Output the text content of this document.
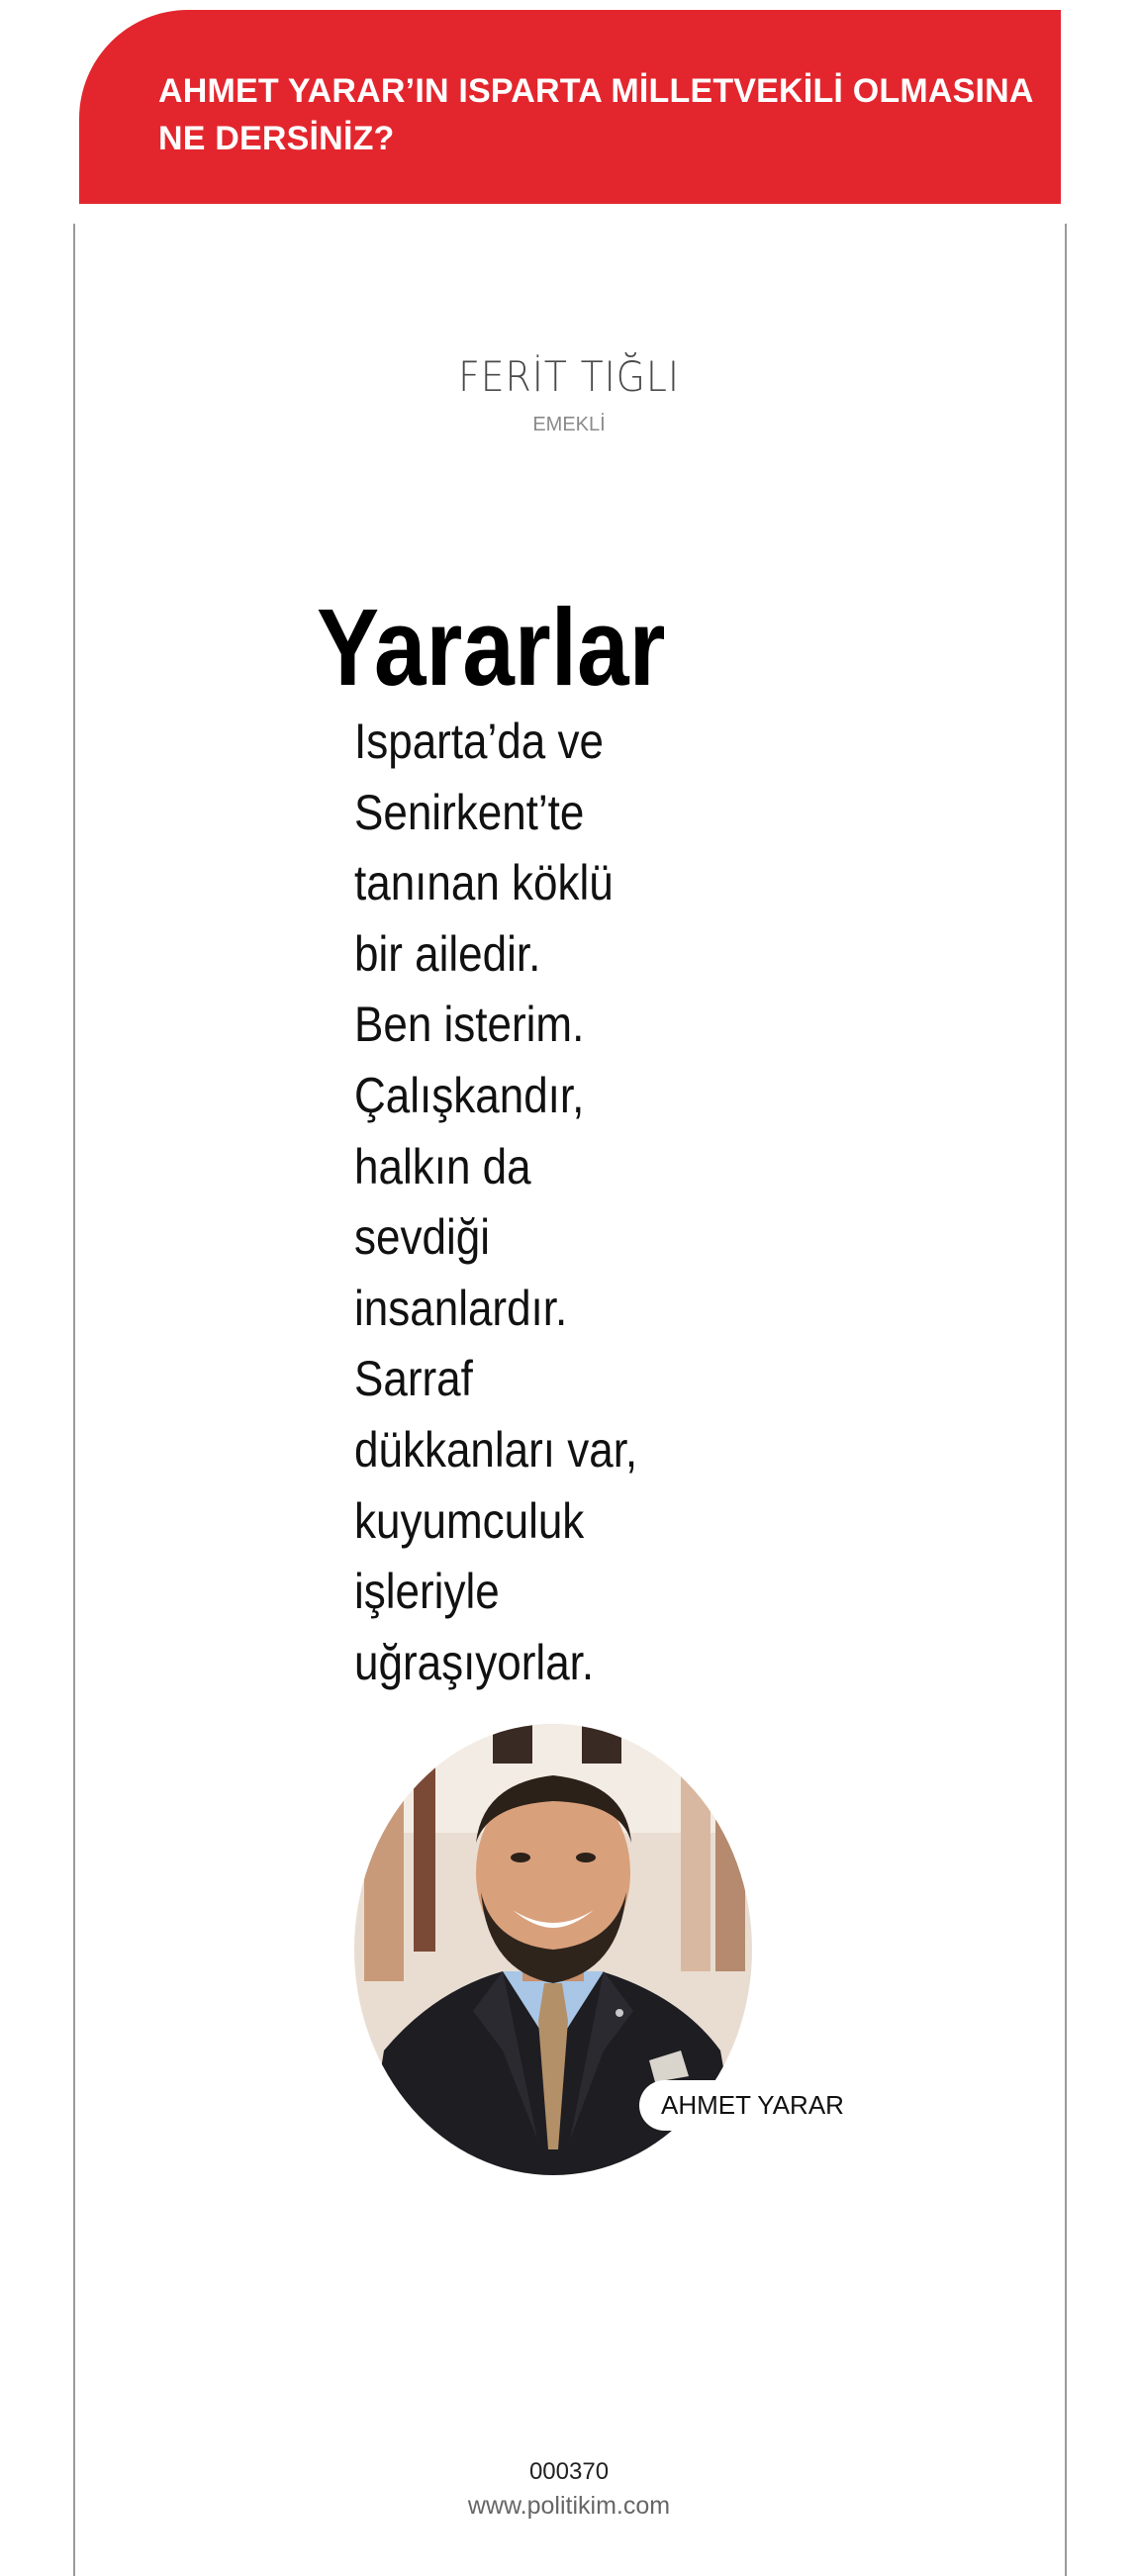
AHMET YARAR’IN ISPARTA MİLLETVEKİLİ OLMASINA
NE DERSİNİZ?
FERİT TIĞLI
EMEKLİ
Yararlar
Isparta’da ve
Senirkent’te
tanınan köklü
bir ailedir.
Ben isterim.
Çalışkandır,
halkın da
sevdiği
insanlardır.
Sarraf
dükkanları var,
kuyumculuk
işleriyle
uğraşıyorlar.
AHMET YARAR
000370
www.politikim.com
